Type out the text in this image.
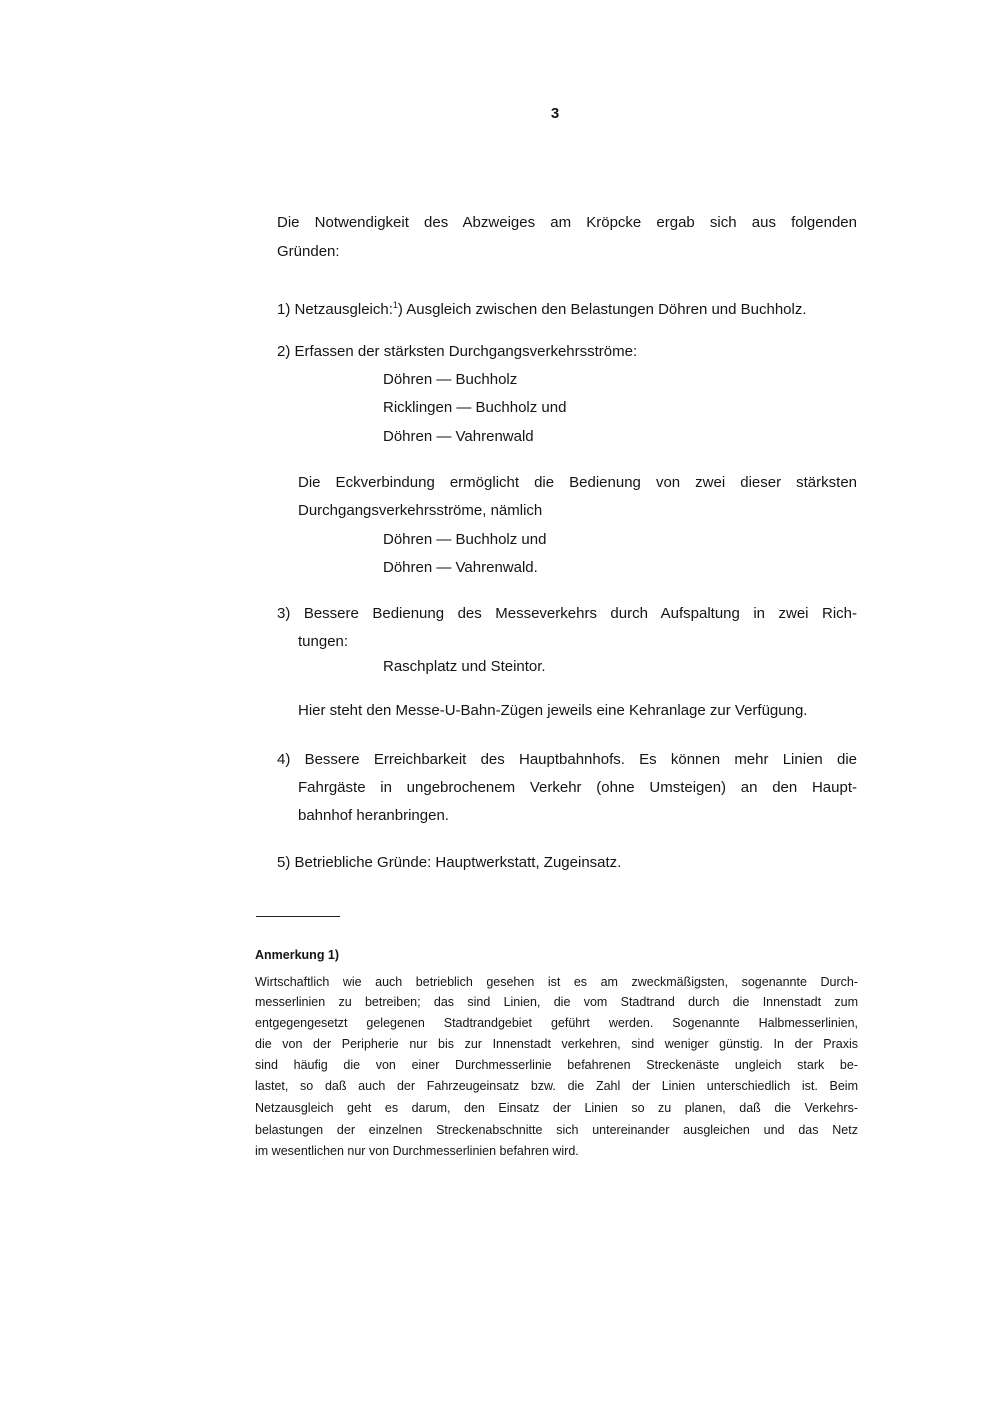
3
Die Notwendigkeit des Abzweiges am Kröpcke ergab sich aus folgenden
Gründen:
1) Netzausgleich:$^1$) Ausgleich zwischen den Belastungen Döhren und Buchholz.
2) Erfassen der stärksten Durchgangsverkehrsströme:
Döhren — Buchholz
Ricklingen — Buchholz und
Döhren — Vahrenwald
Die Eckverbindung ermöglicht die Bedienung von zwei dieser stärksten
Durchgangsverkehrsströme, nämlich
Döhren — Buchholz und
Döhren — Vahrenwald.
3) Bessere Bedienung des Messeverkehrs durch Aufspaltung in zwei Rich-
tungen:
Raschplatz und Steintor.
Hier steht den Messe-U-Bahn-Zügen jeweils eine Kehranlage zur Verfügung.
4) Bessere Erreichbarkeit des Hauptbahnhofs. Es können mehr Linien die
Fahrgäste in ungebrochenem Verkehr (ohne Umsteigen) an den Haupt-
bahnhof heranbringen.
5) Betriebliche Gründe: Hauptwerkstatt, Zugeinsatz.
Anmerkung 1)
Wirtschaftlich wie auch betrieblich gesehen ist es am zweckmäßigsten, sogenannte Durch-
messerlinien zu betreiben; das sind Linien, die vom Stadtrand durch die Innenstadt zum
entgegengesetzt gelegenen Stadtrandgebiet geführt werden. Sogenannte Halbmesserlinien,
die von der Peripherie nur bis zur Innenstadt verkehren, sind weniger günstig. In der Praxis
sind häufig die von einer Durchmesserlinie befahrenen Streckenäste ungleich stark be-
lastet, so daß auch der Fahrzeugeinsatz bzw. die Zahl der Linien unterschiedlich ist. Beim
Netzausgleich geht es darum, den Einsatz der Linien so zu planen, daß die Verkehrs-
belastungen der einzelnen Streckenabschnitte sich untereinander ausgleichen und das Netz
im wesentlichen nur von Durchmesserlinien befahren wird.
